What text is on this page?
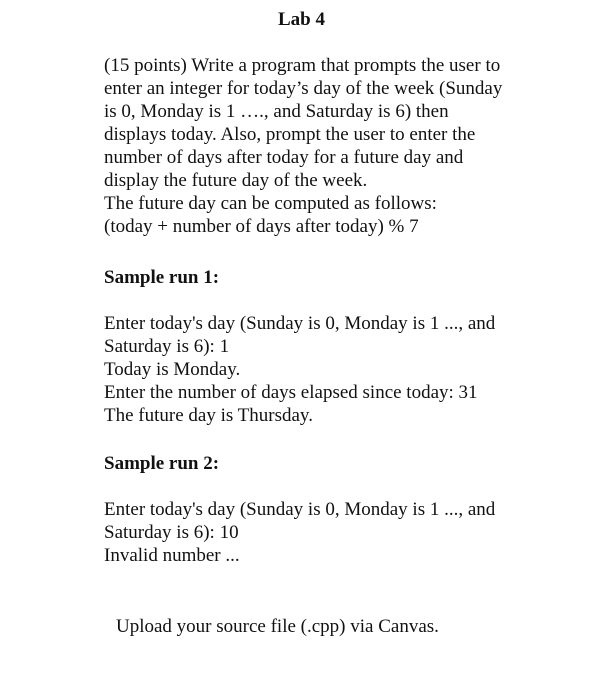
Lab 4
(15 points) Write a program that prompts the user to
enter an integer for today’s day of the week (Sunday
is 0, Monday is 1 …., and Saturday is 6) then
displays today. Also, prompt the user to enter the
number of days after today for a future day and
display the future day of the week.
The future day can be computed as follows:
(today + number of days after today) % 7
Sample run 1:
Enter today's day (Sunday is 0, Monday is 1 ..., and
Saturday is 6): 1
Today is Monday.
Enter the number of days elapsed since today: 31
The future day is Thursday.
Sample run 2:
Enter today's day (Sunday is 0, Monday is 1 ..., and
Saturday is 6): 10
Invalid number ...
Upload your source file (.cpp) via Canvas.
